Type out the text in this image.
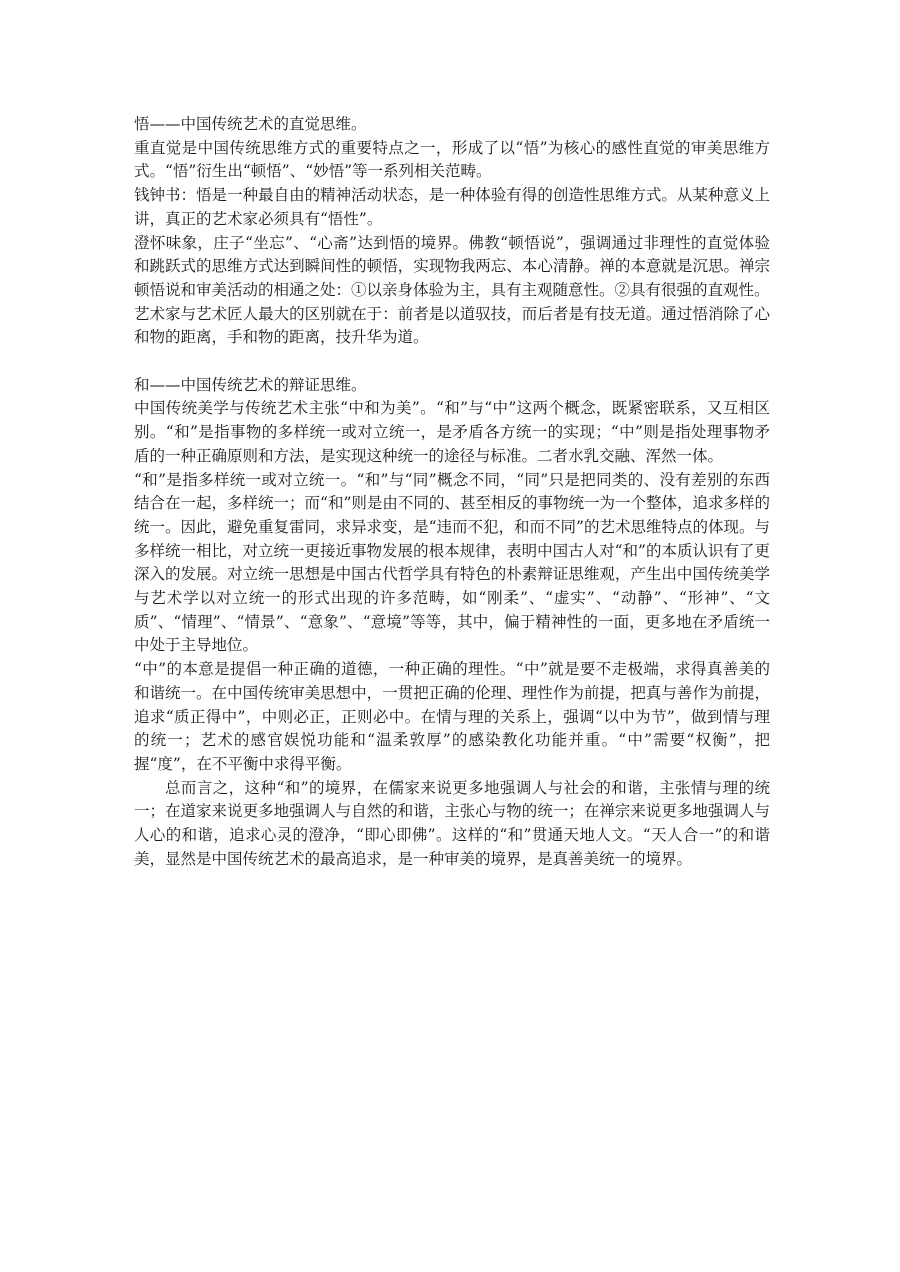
悟——中国传统艺术的直觉思维。

重直觉是中国传统思维方式的重要特点之一，形成了以“悟”为核心的感性直觉的审美思维方式。“悟”衍生出“顿悟”、“妙悟”等一系列相关范畴。

钱钟书：悟是一种最自由的精神活动状态，是一种体验有得的创造性思维方式。从某种意义上讲，真正的艺术家必须具有“悟性”。

澄怀味象，庄子“坐忘”、“心斋”达到悟的境界。佛教“顿悟说”，强调通过非理性的直觉体验和跳跃式的思维方式达到瞬间性的顿悟，实现物我两忘、本心清静。禅的本意就是沉思。禅宗顿悟说和审美活动的相通之处：①以亲身体验为主，具有主观随意性。②具有很强的直观性。

艺术家与艺术匠人最大的区别就在于：前者是以道驭技，而后者是有技无道。通过悟消除了心和物的距离，手和物的距离，技升华为道。

和——中国传统艺术的辩证思维。

中国传统美学与传统艺术主张“中和为美”。“和”与“中”这两个概念，既紧密联系，又互相区别。“和”是指事物的多样统一或对立统一，是矛盾各方统一的实现；“中”则是指处理事物矛盾的一种正确原则和方法，是实现这种统一的途径与标准。二者水乳交融、浑然一体。

“和”是指多样统一或对立统一。“和”与“同”概念不同，“同”只是把同类的、没有差别的东西结合在一起，多样统一；而“和”则是由不同的、甚至相反的事物统一为一个整体，追求多样的统一。因此，避免重复雷同，求异求变，是“违而不犯，和而不同”的艺术思维特点的体现。与多样统一相比，对立统一更接近事物发展的根本规律，表明中国古人对“和”的本质认识有了更深入的发展。对立统一思想是中国古代哲学具有特色的朴素辩证思维观，产生出中国传统美学与艺术学以对立统一的形式出现的许多范畴，如“刚柔”、“虚实”、“动静”、“形神”、“文质”、“情理”、“情景”、“意象”、“意境”等等，其中，偏于精神性的一面，更多地在矛盾统一中处于主导地位。

“中”的本意是提倡一种正确的道德，一种正确的理性。“中”就是要不走极端，求得真善美的和谐统一。在中国传统审美思想中，一贯把正确的伦理、理性作为前提，把真与善作为前提，追求“质正得中”，中则必正，正则必中。在情与理的关系上，强调“以中为节”，做到情与理的统一；艺术的感官娱悦功能和“温柔敦厚”的感染教化功能并重。“中”需要“权衡”，把握“度”，在不平衡中求得平衡。

总而言之，这种“和”的境界，在儒家来说更多地强调人与社会的和谐，主张情与理的统一；在道家来说更多地强调人与自然的和谐，主张心与物的统一；在禅宗来说更多地强调人与人心的和谐，追求心灵的澄净，“即心即佛”。这样的“和”贯通天地人文。“天人合一”的和谐美，显然是中国传统艺术的最高追求，是一种审美的境界，是真善美统一的境界。
